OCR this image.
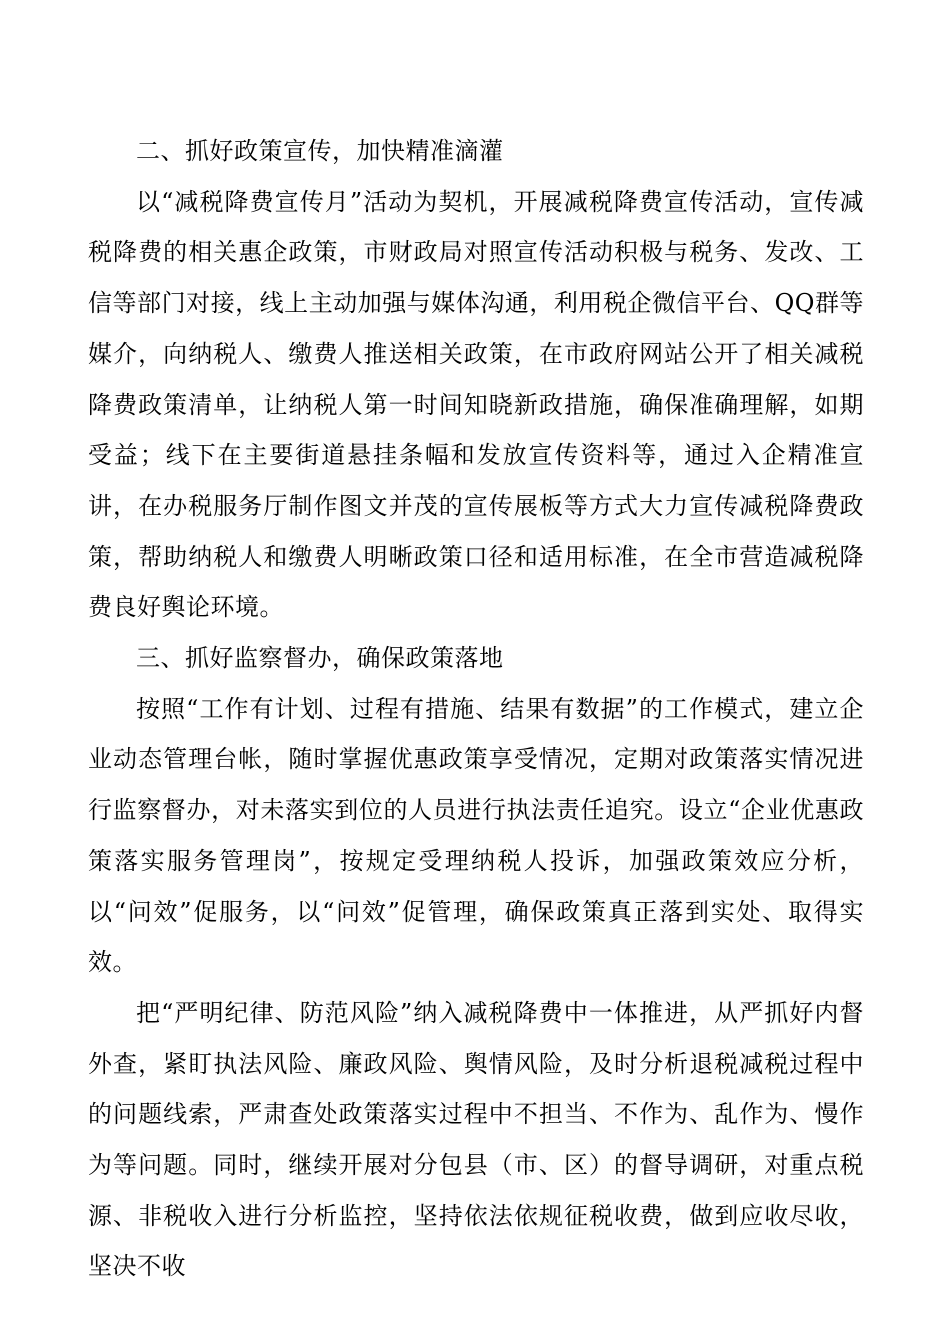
二、抓好政策宣传，加快精准滴灌

以“减税降费宣传月”活动为契机，开展减税降费宣传活动，宣传减税降费的相关惠企政策，市财政局对照宣传活动积极与税务、发改、工信等部门对接，线上主动加强与媒体沟通，利用税企微信平台、QQ群等媒介，向纳税人、缴费人推送相关政策，在市政府网站公开了相关减税降费政策清单，让纳税人第一时间知晓新政措施，确保准确理解，如期受益；线下在主要街道悬挂条幅和发放宣传资料等，通过入企精准宣讲，在办税服务厅制作图文并茂的宣传展板等方式大力宣传减税降费政策，帮助纳税人和缴费人明晰政策口径和适用标准，在全市营造减税降费良好舆论环境。

三、抓好监察督办，确保政策落地

按照“工作有计划、过程有措施、结果有数据”的工作模式，建立企业动态管理台帐，随时掌握优惠政策享受情况，定期对政策落实情况进行监察督办，对未落实到位的人员进行执法责任追究。设立“企业优惠政策落实服务管理岗”，按规定受理纳税人投诉，加强政策效应分析，以“问效”促服务，以“问效”促管理，确保政策真正落到实处、取得实效。

把“严明纪律、防范风险”纳入减税降费中一体推进，从严抓好内督外查，紧盯执法风险、廉政风险、舆情风险，及时分析退税减税过程中的问题线索，严肃查处政策落实过程中不担当、不作为、乱作为、慢作为等问题。同时，继续开展对分包县（市、区）的督导调研，对重点税源、非税收入进行分析监控，坚持依法依规征税收费，做到应收尽收，坚决不收
